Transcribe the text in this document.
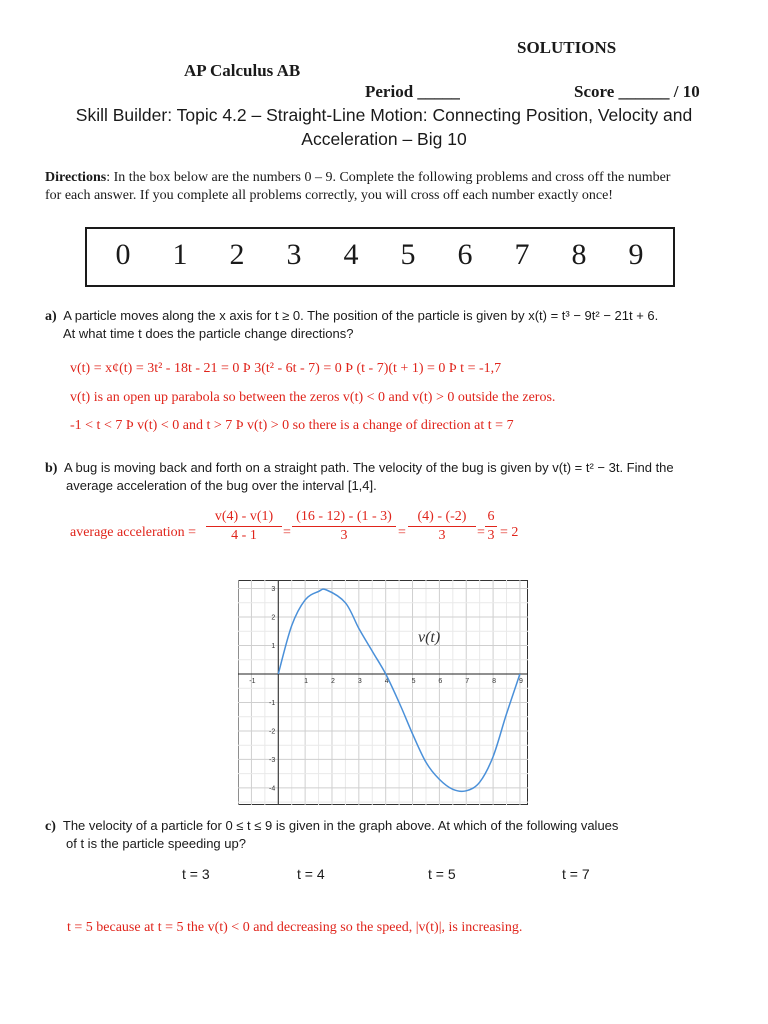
SOLUTIONS
AP Calculus AB
Period _____	Score ______ / 10
Skill Builder: Topic 4.2 – Straight-Line Motion: Connecting Position, Velocity and
Acceleration – Big 10
Directions: In the box below are the numbers 0 – 9. Complete the following problems and cross off the number
for each answer. If you complete all problems correctly, you will cross off each number exactly once!
0 1 2 3 4 5 6 7 8 9
a) A particle moves along the x axis for t ≥ 0. The position of the particle is given by x(t) = t³ − 9t² − 21t + 6.
At what time t does the particle change directions?
v(t) = x¢(t) = 3t² - 18t - 21 = 0 Þ 3(t² - 6t - 7) = 0 Þ (t - 7)(t + 1) = 0 Þ t = -1,7
v(t) is an open up parabola so between the zeros v(t) < 0 and v(t) > 0 outside the zeros.
-1 < t < 7 Þ v(t) < 0 and t > 7 Þ v(t) > 0 so there is a change of direction at t = 7
b) A bug is moving back and forth on a straight path. The velocity of the bug is given by v(t) = t² − 3t. Find the
average acceleration of the bug over the interval [1,4].
average acceleration =
v(4) - v(1)
4 - 1	=
(16 - 12) - (1 - 3)
3	=
(4) - (-2)
3	=
6
3 = 2
-1	1	2	3	4	5	6	7	8	9
3
2
1
-1
-2
-3
-4
v(t)
c) The velocity of a particle for 0 ≤ t ≤ 9 is given in the graph above. At which of the following values
of t is the particle speeding up?
t = 3	t = 4	t = 5	t = 7
t = 5 because at t = 5 the v(t) < 0 and decreasing so the speed, |v(t)|, is increasing.
